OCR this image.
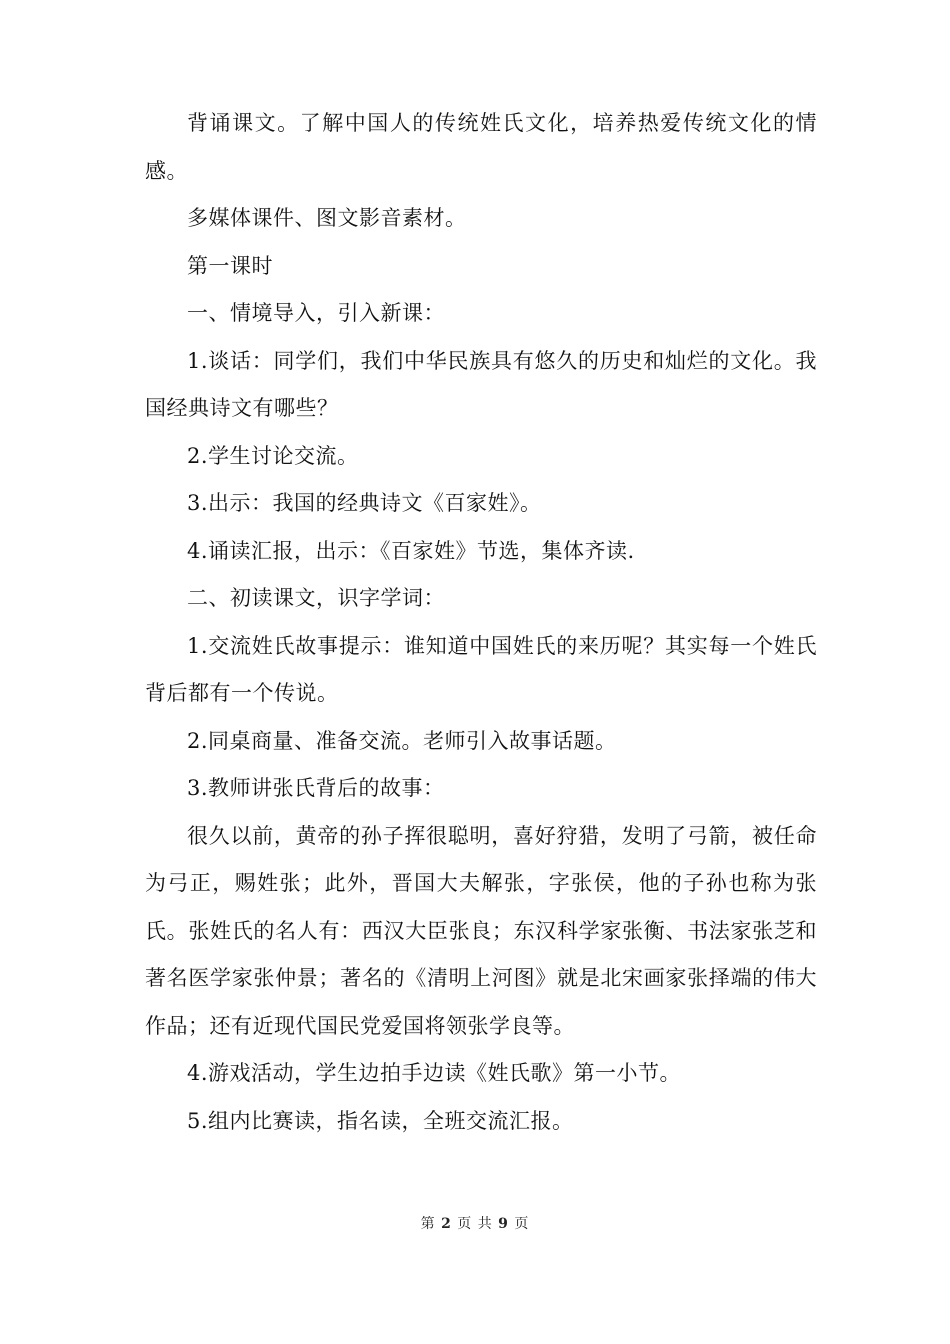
背诵课文。了解中国人的传统姓氏文化，培养热爱传统文化的情感。

多媒体课件、图文影音素材。

第一课时

一、情境导入，引入新课：

1.谈话：同学们，我们中华民族具有悠久的历史和灿烂的文化。我国经典诗文有哪些？

2.学生讨论交流。

3.出示：我国的经典诗文《百家姓》。

4.诵读汇报，出示：《百家姓》节选，集体齐读.

二、初读课文，识字学词：

1.交流姓氏故事提示：谁知道中国姓氏的来历呢？其实每一个姓氏背后都有一个传说。

2.同桌商量、准备交流。老师引入故事话题。

3.教师讲张氏背后的故事：

很久以前，黄帝的孙子挥很聪明，喜好狩猎，发明了弓箭，被任命为弓正，赐姓张；此外，晋国大夫解张，字张侯，他的子孙也称为张氏。张姓氏的名人有：西汉大臣张良；东汉科学家张衡、书法家张芝和著名医学家张仲景；著名的《清明上河图》就是北宋画家张择端的伟大作品；还有近现代国民党爱国将领张学良等。

4.游戏活动，学生边拍手边读《姓氏歌》第一小节。

5.组内比赛读，指名读，全班交流汇报。

第 2 页 共 9 页
